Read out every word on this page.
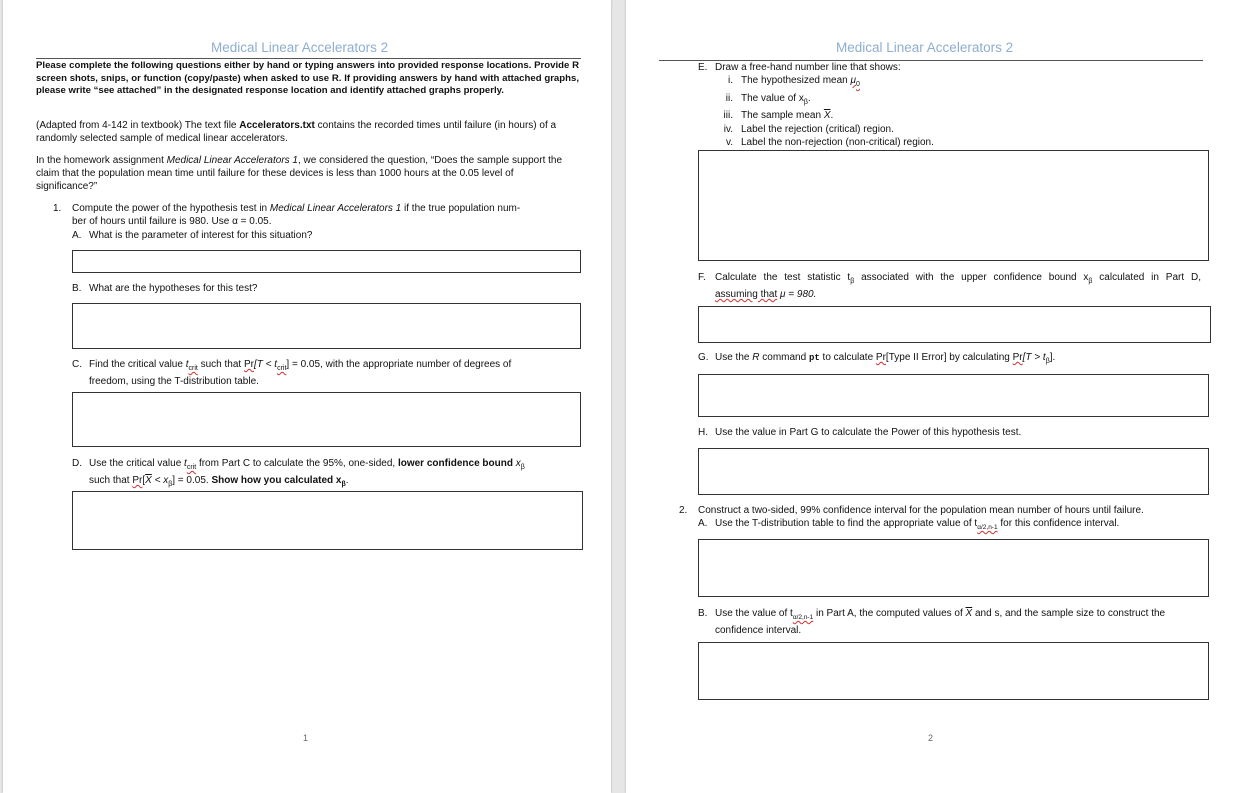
Medical Linear Accelerators 2
Please complete the following questions either by hand or typing answers into provided response locations. Provide R screen shots, snips, or function (copy/paste) when asked to use R. If providing answers by hand with attached graphs, please write “see attached” in the designated response location and identify attached graphs properly.
(Adapted from 4-142 in textbook) The text file Accelerators.txt contains the recorded times until failure (in hours) of a randomly selected sample of medical linear accelerators.
In the homework assignment Medical Linear Accelerators 1, we considered the question, “Does the sample support the claim that the population mean time until failure for these devices is less than 1000 hours at the 0.05 level of significance?”
1. Compute the power of the hypothesis test in Medical Linear Accelerators 1 if the true population num-
ber of hours until failure is 980. Use α = 0.05.
A. What is the parameter of interest for this situation?
B. What are the hypotheses for this test?
C. Find the critical value $t_{crit}$ such that $Pr[T < t_{crit}] = 0.05$, with the appropriate number of degrees of
freedom, using the T-distribution table.
D. Use the critical value $t_{crit}$ from Part C to calculate the 95%, one-sided, lower confidence bound $x_\beta$
such that $Pr[\overline{X} < x_\beta] = 0.05$. Show how you calculated $x_\beta$.
1
Medical Linear Accelerators 2
E. Draw a free-hand number line that shows:
i. The hypothesized mean $\mu_0$
ii. The value of $x_\beta$.
iii. The sample mean $\overline{X}$.
iv. Label the rejection (critical) region.
v. Label the non-rejection (non-critical) region.
F. Calculate the test statistic $t_\beta$ associated with the upper confidence bound $x_\beta$ calculated in Part D,
assuming that μ = 980.
G. Use the R command pt to calculate Pr[Type II Error] by calculating $Pr[T > t_\beta]$.
H. Use the value in Part G to calculate the Power of this hypothesis test.
2. Construct a two-sided, 99% confidence interval for the population mean number of hours until failure.
A. Use the T-distribution table to find the appropriate value of $t_{\alpha/2,n-1}$ for this confidence interval.
B. Use the value of $t_{\alpha/2,n-1}$ in Part A, the computed values of $\overline{X}$ and s, and the sample size to construct the
confidence interval.
2
